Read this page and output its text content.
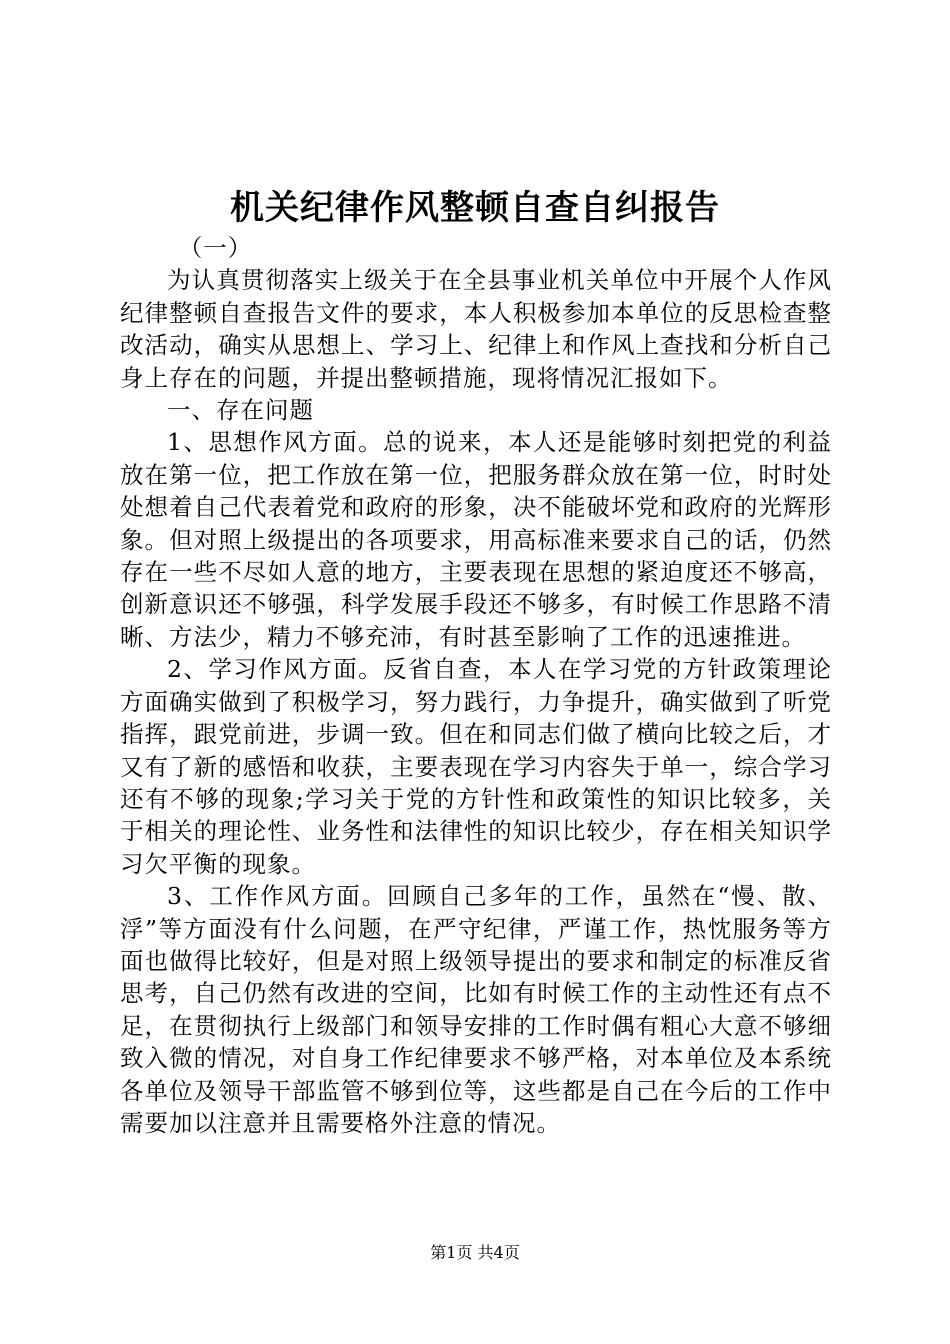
机关纪律作风整顿自查自纠报告

（一）

为认真贯彻落实上级关于在全县事业机关单位中开展个人作风纪律整顿自查报告文件的要求，本人积极参加本单位的反思检查整改活动，确实从思想上、学习上、纪律上和作风上查找和分析自己身上存在的问题，并提出整顿措施，现将情况汇报如下。

一、存在问题

1、思想作风方面。总的说来，本人还是能够时刻把党的利益放在第一位，把工作放在第一位，把服务群众放在第一位，时时处处想着自己代表着党和政府的形象，决不能破坏党和政府的光辉形象。但对照上级提出的各项要求，用高标准来要求自己的话，仍然存在一些不尽如人意的地方，主要表现在思想的紧迫度还不够高，创新意识还不够强，科学发展手段还不够多，有时候工作思路不清晰、方法少，精力不够充沛，有时甚至影响了工作的迅速推进。

2、学习作风方面。反省自查，本人在学习党的方针政策理论方面确实做到了积极学习，努力践行，力争提升，确实做到了听党指挥，跟党前进，步调一致。但在和同志们做了横向比较之后，才又有了新的感悟和收获，主要表现在学习内容失于单一，综合学习还有不够的现象;学习关于党的方针性和政策性的知识比较多，关于相关的理论性、业务性和法律性的知识比较少，存在相关知识学习欠平衡的现象。

3、工作作风方面。回顾自己多年的工作，虽然在“慢、散、浮”等方面没有什么问题，在严守纪律，严谨工作，热忱服务等方面也做得比较好，但是对照上级领导提出的要求和制定的标准反省思考，自己仍然有改进的空间，比如有时候工作的主动性还有点不足，在贯彻执行上级部门和领导安排的工作时偶有粗心大意不够细致入微的情况，对自身工作纪律要求不够严格，对本单位及本系统各单位及领导干部监管不够到位等，这些都是自己在今后的工作中需要加以注意并且需要格外注意的情况。

第1页 共4页
